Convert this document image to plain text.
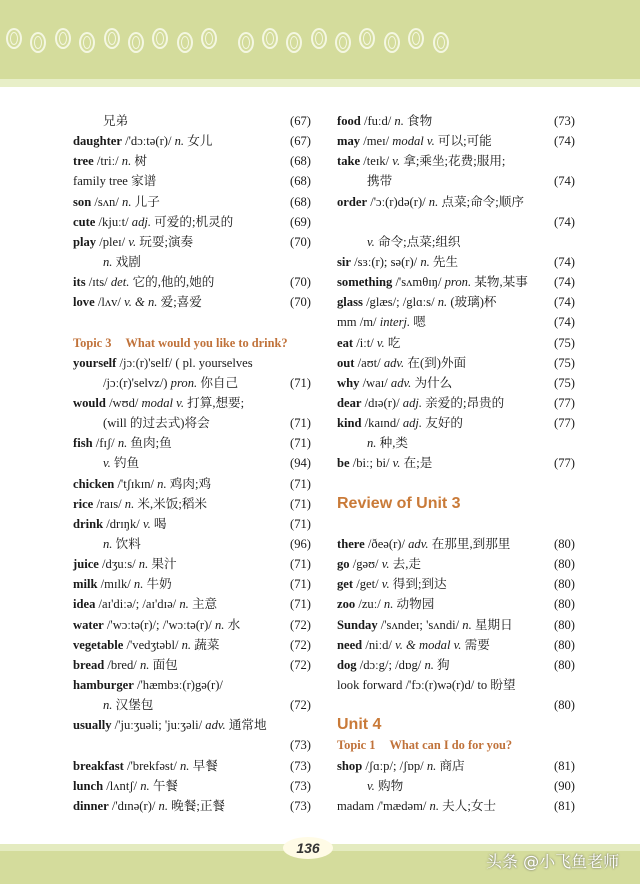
兄弟	(67)
daughter /'dɔːtə(r)/ n. 女儿	(67)
tree /triː/ n. 树	(68)
family tree 家谱	(68)
son /sʌn/ n. 儿子	(68)
cute /kjuːt/ adj. 可爱的;机灵的	(69)
play /pleɪ/ v. 玩耍;演奏	(70)
n. 戏剧
its /ɪts/ det. 它的,他的,她的	(70)
love /lʌv/ v. & n. 爱;喜爱	(70)
Topic 3 What would you like to drink?
yourself /jɔː(r)'self/ ( pl. yourselves
/jɔː(r)'selvz/) pron. 你自己	(71)
would /wʊd/ modal v. 打算,想要;
(will 的过去式)将会	(71)
fish /fɪʃ/ n. 鱼肉;鱼	(71)
v. 钓鱼	(94)
chicken /'tʃɪkɪn/ n. 鸡肉;鸡	(71)
rice /raɪs/ n. 米,米饭;稻米	(71)
drink /drɪŋk/ v. 喝	(71)
n. 饮料	(96)
juice /dʒuːs/ n. 果汁	(71)
milk /mɪlk/ n. 牛奶	(71)
idea /aɪ'diːə/; /aɪ'dɪə/ n. 主意	(71)
water /'wɔːtə(r)/; /'wɔːtə(r)/ n. 水	(72)
vegetable /'vedʒtəbl/ n. 蔬菜	(72)
bread /bred/ n. 面包	(72)
hamburger /'hæmbɜː(r)gə(r)/
n. 汉堡包	(72)
usually /'juːʒuəli; 'juːʒəli/ adv. 通常地
(73)
breakfast /'brekfəst/ n. 早餐	(73)
lunch /lʌntʃ/ n. 午餐	(73)
dinner /'dɪnə(r)/ n. 晚餐;正餐	(73)
food /fuːd/ n. 食物	(73)
may /meɪ/ modal v. 可以;可能	(74)
take /teɪk/ v. 拿;乘坐;花费;服用;
携带	(74)
order /'ɔː(r)də(r)/ n. 点菜;命令;顺序
(74)
v. 命令;点菜;组织
sir /sɜː(r); sə(r)/ n. 先生	(74)
something /'sʌmθɪŋ/ pron. 某物,某事 (74)
glass /glæs/; /glɑːs/ n. (玻璃)杯	(74)
mm /m/ interj. 嗯	(74)
eat /iːt/ v. 吃	(75)
out /aʊt/ adv. 在(到)外面	(75)
why /waɪ/ adv. 为什么	(75)
dear /dɪə(r)/ adj. 亲爱的;昂贵的	(77)
kind /kaɪnd/ adj. 友好的	(77)
n. 种,类
be /biː; bi/ v. 在;是	(77)
Review of Unit 3
there /ðeə(r)/ adv. 在那里,到那里	(80)
go /gəʊ/ v. 去,走	(80)
get /get/ v. 得到;到达	(80)
zoo /zuː/ n. 动物园	(80)
Sunday /'sʌndeɪ; 'sʌndi/ n. 星期日	(80)
need /niːd/ v. & modal v. 需要	(80)
dog /dɔːg/; /dɒg/ n. 狗	(80)
look forward /'fɔː(r)wə(r)d/ to 盼望
(80)
Unit 4
Topic 1 What can I do for you?
shop /ʃɑːp/; /ʃɒp/ n. 商店	(81)
v. 购物	(90)
madam /'mædəm/ n. 夫人;女士	(81)
136
头条 @小飞鱼老师
